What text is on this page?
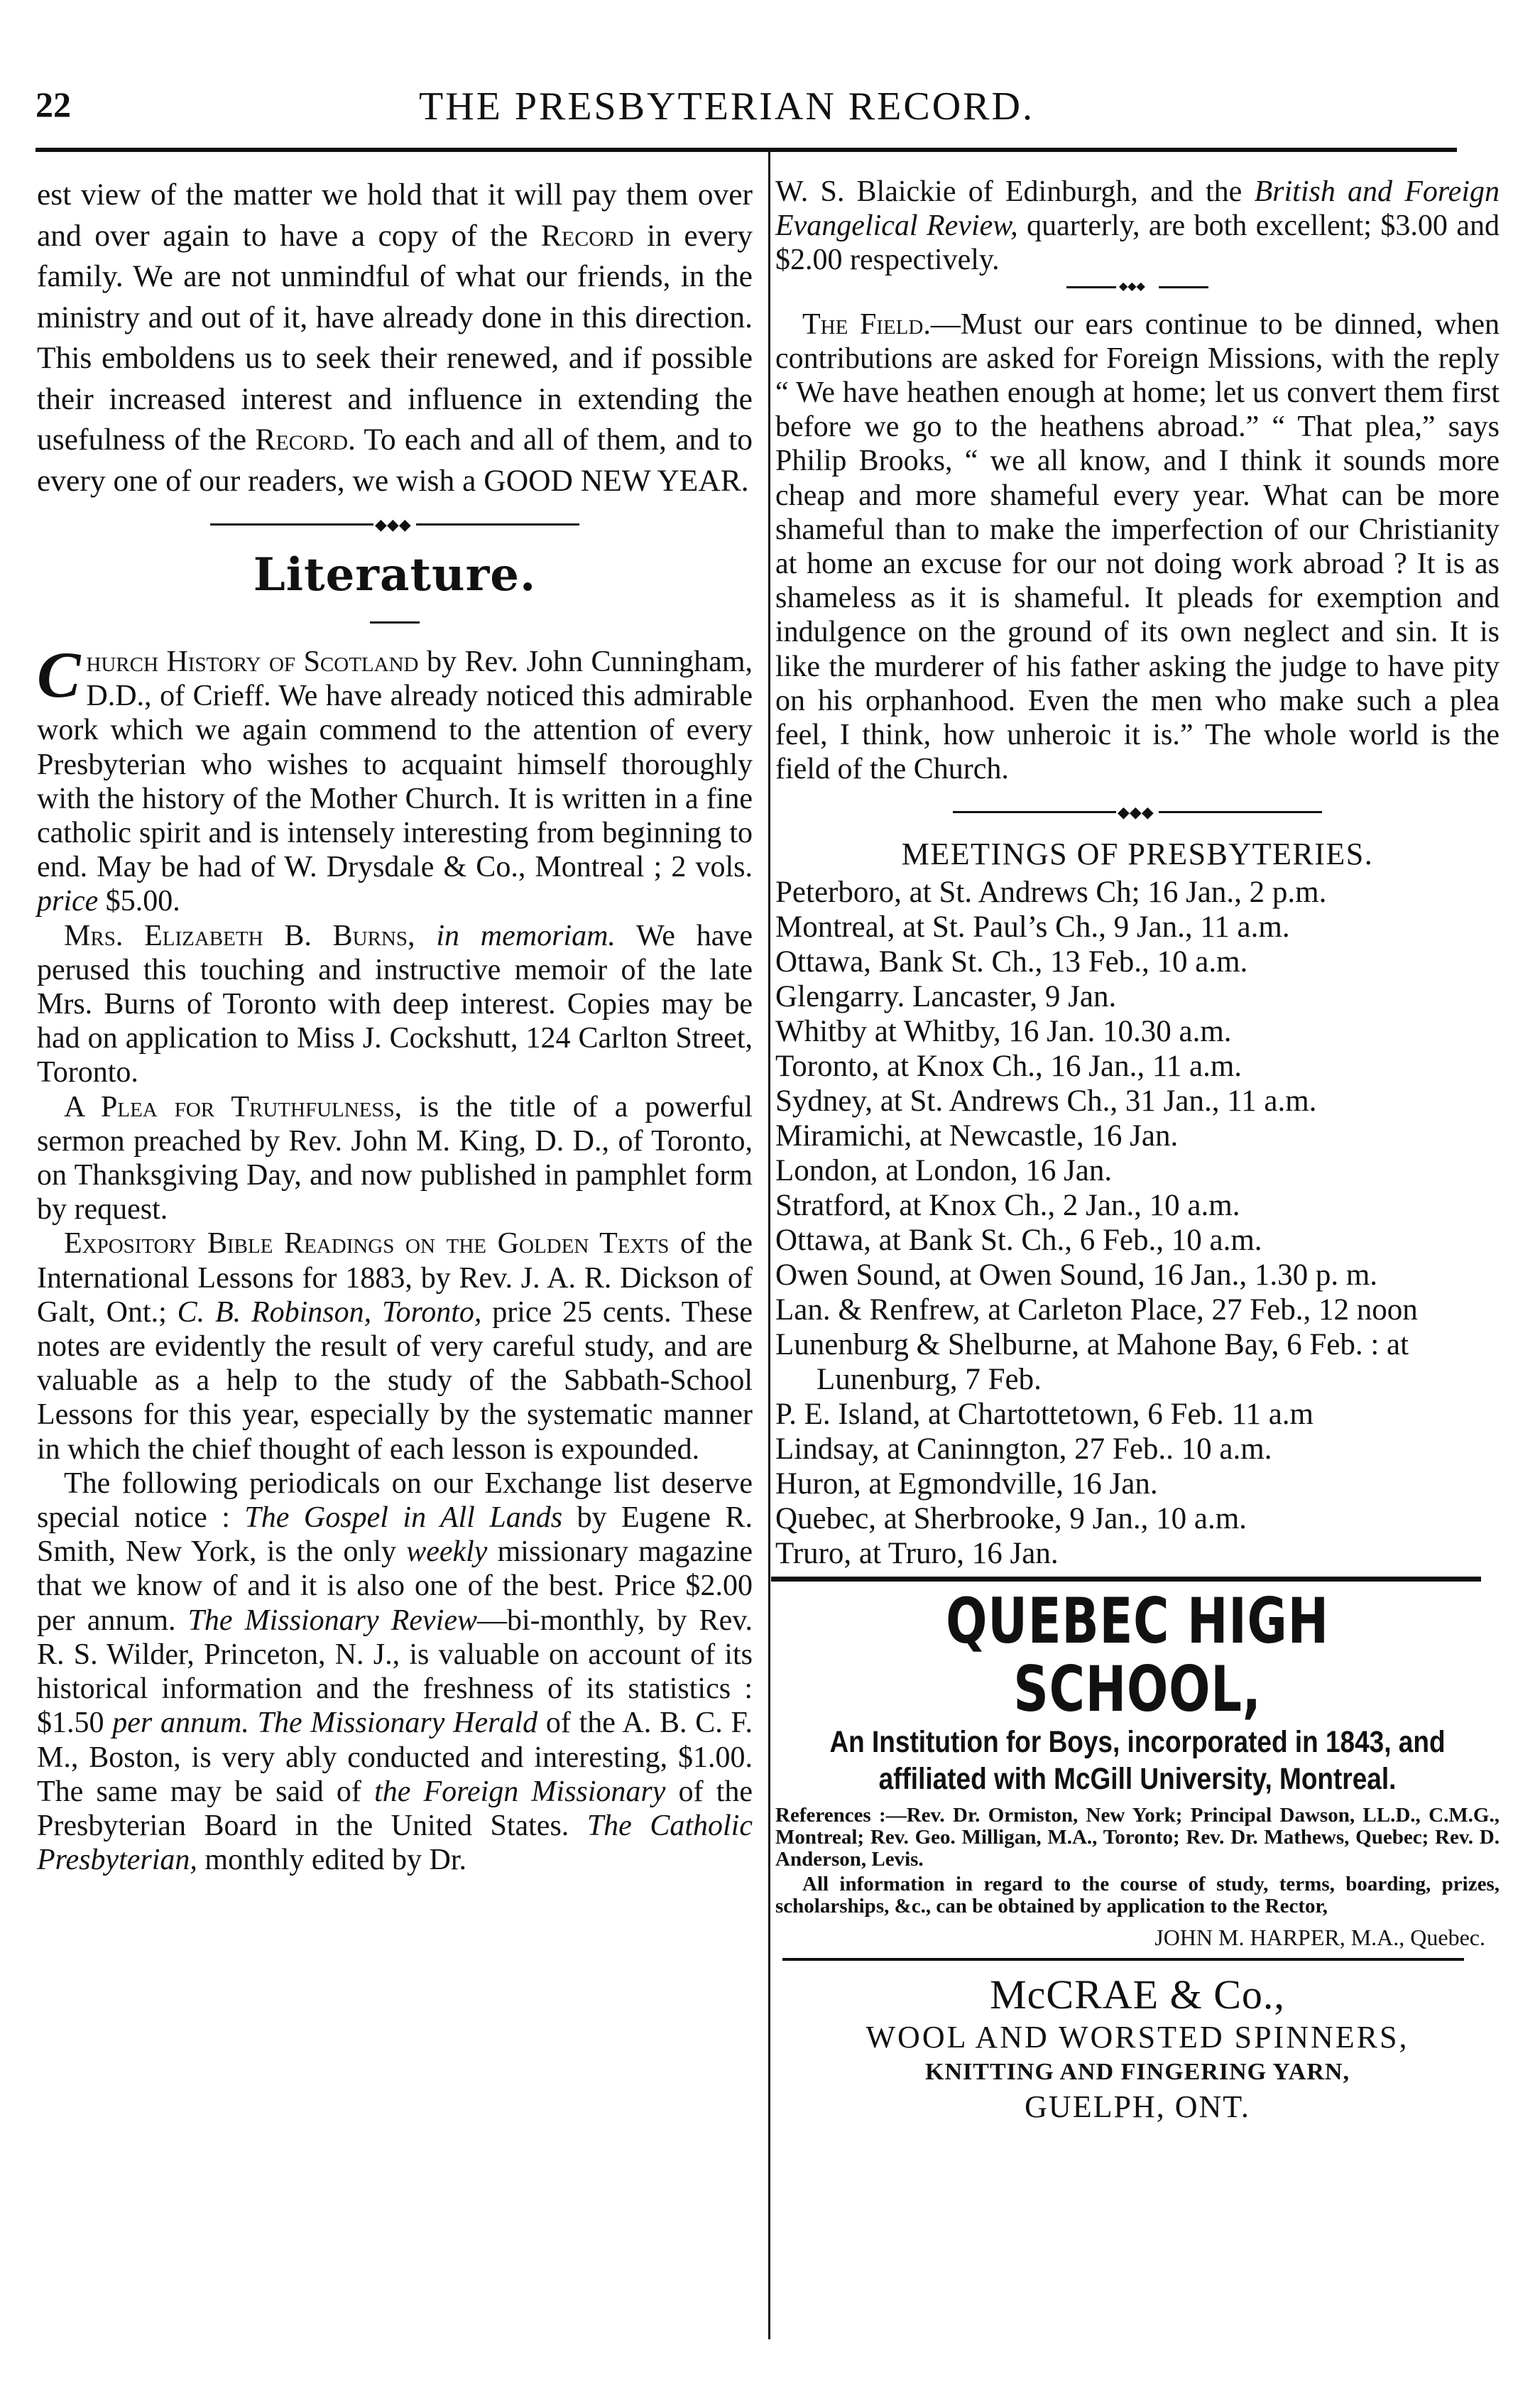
22	THE PRESBYTERIAN RECORD.

est view of the matter we hold that it will pay them over and over again to have a copy of the Record in every family. We are not unmindful of what our friends, in the ministry and out of it, have already done in this direction. This emboldens us to seek their renewed, and if possible their increased interest and influence in extending the usefulness of the Record. To each and all of them, and to every one of our readers, we wish a GOOD NEW YEAR.

◆◆◆
Literature.

Church History of Scotland by Rev. John Cunningham, D.D., of Crieff. We have already noticed this admirable work which we again commend to the attention of every Presbyterian who wishes to acquaint himself thoroughly with the history of the Mother Church. It is written in a fine catholic spirit and is intensely interesting from beginning to end. May be had of W. Drysdale & Co., Montreal ; 2 vols. price $5.00.

Mrs. Elizabeth B. Burns, in memoriam. We have perused this touching and instructive memoir of the late Mrs. Burns of Toronto with deep interest. Copies may be had on application to Miss J. Cockshutt, 124 Carlton Street, Toronto.

A Plea for Truthfulness, is the title of a powerful sermon preached by Rev. John M. King, D. D., of Toronto, on Thanksgiving Day, and now published in pamphlet form by request.

Expository Bible Readings on the Golden Texts of the International Lessons for 1883, by Rev. J. A. R. Dickson of Galt, Ont.; C. B. Robinson, Toronto, price 25 cents. These notes are evidently the result of very careful study, and are valuable as a help to the study of the Sabbath-School Lessons for this year, especially by the systematic manner in which the chief thought of each lesson is expounded.

The following periodicals on our Exchange list deserve special notice : The Gospel in All Lands by Eugene R. Smith, New York, is the only weekly missionary magazine that we know of and it is also one of the best. Price $2.00 per annum. The Missionary Review—bi-monthly, by Rev. R. S. Wilder, Princeton, N. J., is valuable on account of its historical information and the freshness of its statistics : $1.50 per annum. The Missionary Herald of the A. B. C. F. M., Boston, is very ably conducted and interesting, $1.00. The same may be said of the Foreign Missionary of the Presbyterian Board in the United States. The Catholic Presbyterian, monthly edited by Dr.

W. S. Blaickie of Edinburgh, and the British and Foreign Evangelical Review, quarterly, are both excellent; $3.00 and $2.00 respectively.

◆◆◆

The Field.—Must our ears continue to be dinned, when contributions are asked for Foreign Missions, with the reply “ We have heathen enough at home; let us convert them first before we go to the heathens abroad.” “ That plea,” says Philip Brooks, “ we all know, and I think it sounds more cheap and more shameful every year. What can be more shameful than to make the imperfection of our Christianity at home an excuse for our not doing work abroad ? It is as shameless as it is shameful. It pleads for exemption and indulgence on the ground of its own neglect and sin. It is like the murderer of his father asking the judge to have pity on his orphanhood. Even the men who make such a plea feel, I think, how unheroic it is.” The whole world is the field of the Church.

◆◆◆
MEETINGS OF PRESBYTERIES.
Peterboro, at St. Andrews Ch; 16 Jan., 2 p.m.
Montreal, at St. Paul’s Ch., 9 Jan., 11 a.m.
Ottawa, Bank St. Ch., 13 Feb., 10 a.m.
Glengarry. Lancaster, 9 Jan.
Whitby at Whitby, 16 Jan. 10.30 a.m.
Toronto, at Knox Ch., 16 Jan., 11 a.m.
Sydney, at St. Andrews Ch., 31 Jan., 11 a.m.
Miramichi, at Newcastle, 16 Jan.
London, at London, 16 Jan.
Stratford, at Knox Ch., 2 Jan., 10 a.m.
Ottawa, at Bank St. Ch., 6 Feb., 10 a.m.
Owen Sound, at Owen Sound, 16 Jan., 1.30 p. m.
Lan. & Renfrew, at Carleton Place, 27 Feb., 12 noon
Lunenburg & Shelburne, at Mahone Bay, 6 Feb. : at Lunenburg, 7 Feb.
P. E. Island, at Chartottetown, 6 Feb. 11 a.m
Lindsay, at Caninngton, 27 Feb.. 10 a.m.
Huron, at Egmondville, 16 Jan.
Quebec, at Sherbrooke, 9 Jan., 10 a.m.
Truro, at Truro, 16 Jan.
QUEBEC HIGH SCHOOL,
An Institution for Boys, incorporated in 1843, and
affiliated with McGill University, Montreal.

References :—Rev. Dr. Ormiston, New York; Principal Dawson, LL.D., C.M.G., Montreal; Rev. Geo. Milligan, M.A., Toronto; Rev. Dr. Mathews, Quebec; Rev. D. Anderson, Levis.

All information in regard to the course of study, terms, boarding, prizes, scholarships, &c., can be obtained by application to the Rector,

JOHN M. HARPER, M.A., Quebec.
McCRAE & Co.,
WOOL AND WORSTED SPINNERS,
KNITTING AND FINGERING YARN,
GUELPH, ONT.
